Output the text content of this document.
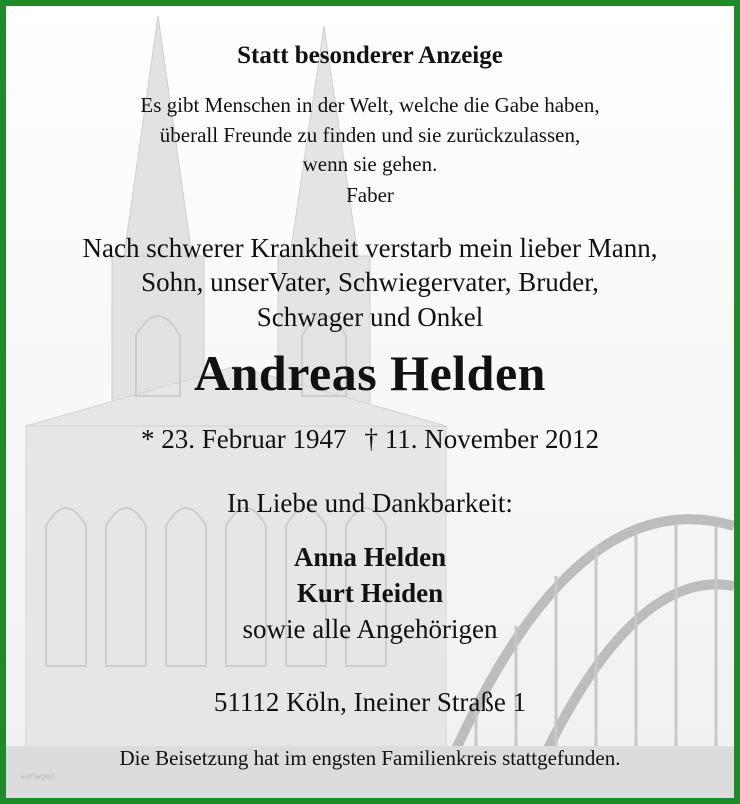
Statt besonderer Anzeige
Es gibt Menschen in der Welt, welche die Gabe haben,
überall Freunde zu finden und sie zurückzulassen,
wenn sie gehen.
Faber
Nach schwerer Krankheit verstarb mein lieber Mann,
Sohn, unserVater, Schwiegervater, Bruder,
Schwager und Onkel
Andreas Helden
* 23. Februar 1947 † 11. November 2012
In Liebe und Dankbarkeit:
Anna Helden
Kurt Heiden
sowie alle Angehörigen
51112 Köln, Ineiner Straße 1
Die Beisetzung hat im engsten Familienkreis stattgefunden.
verlagen
